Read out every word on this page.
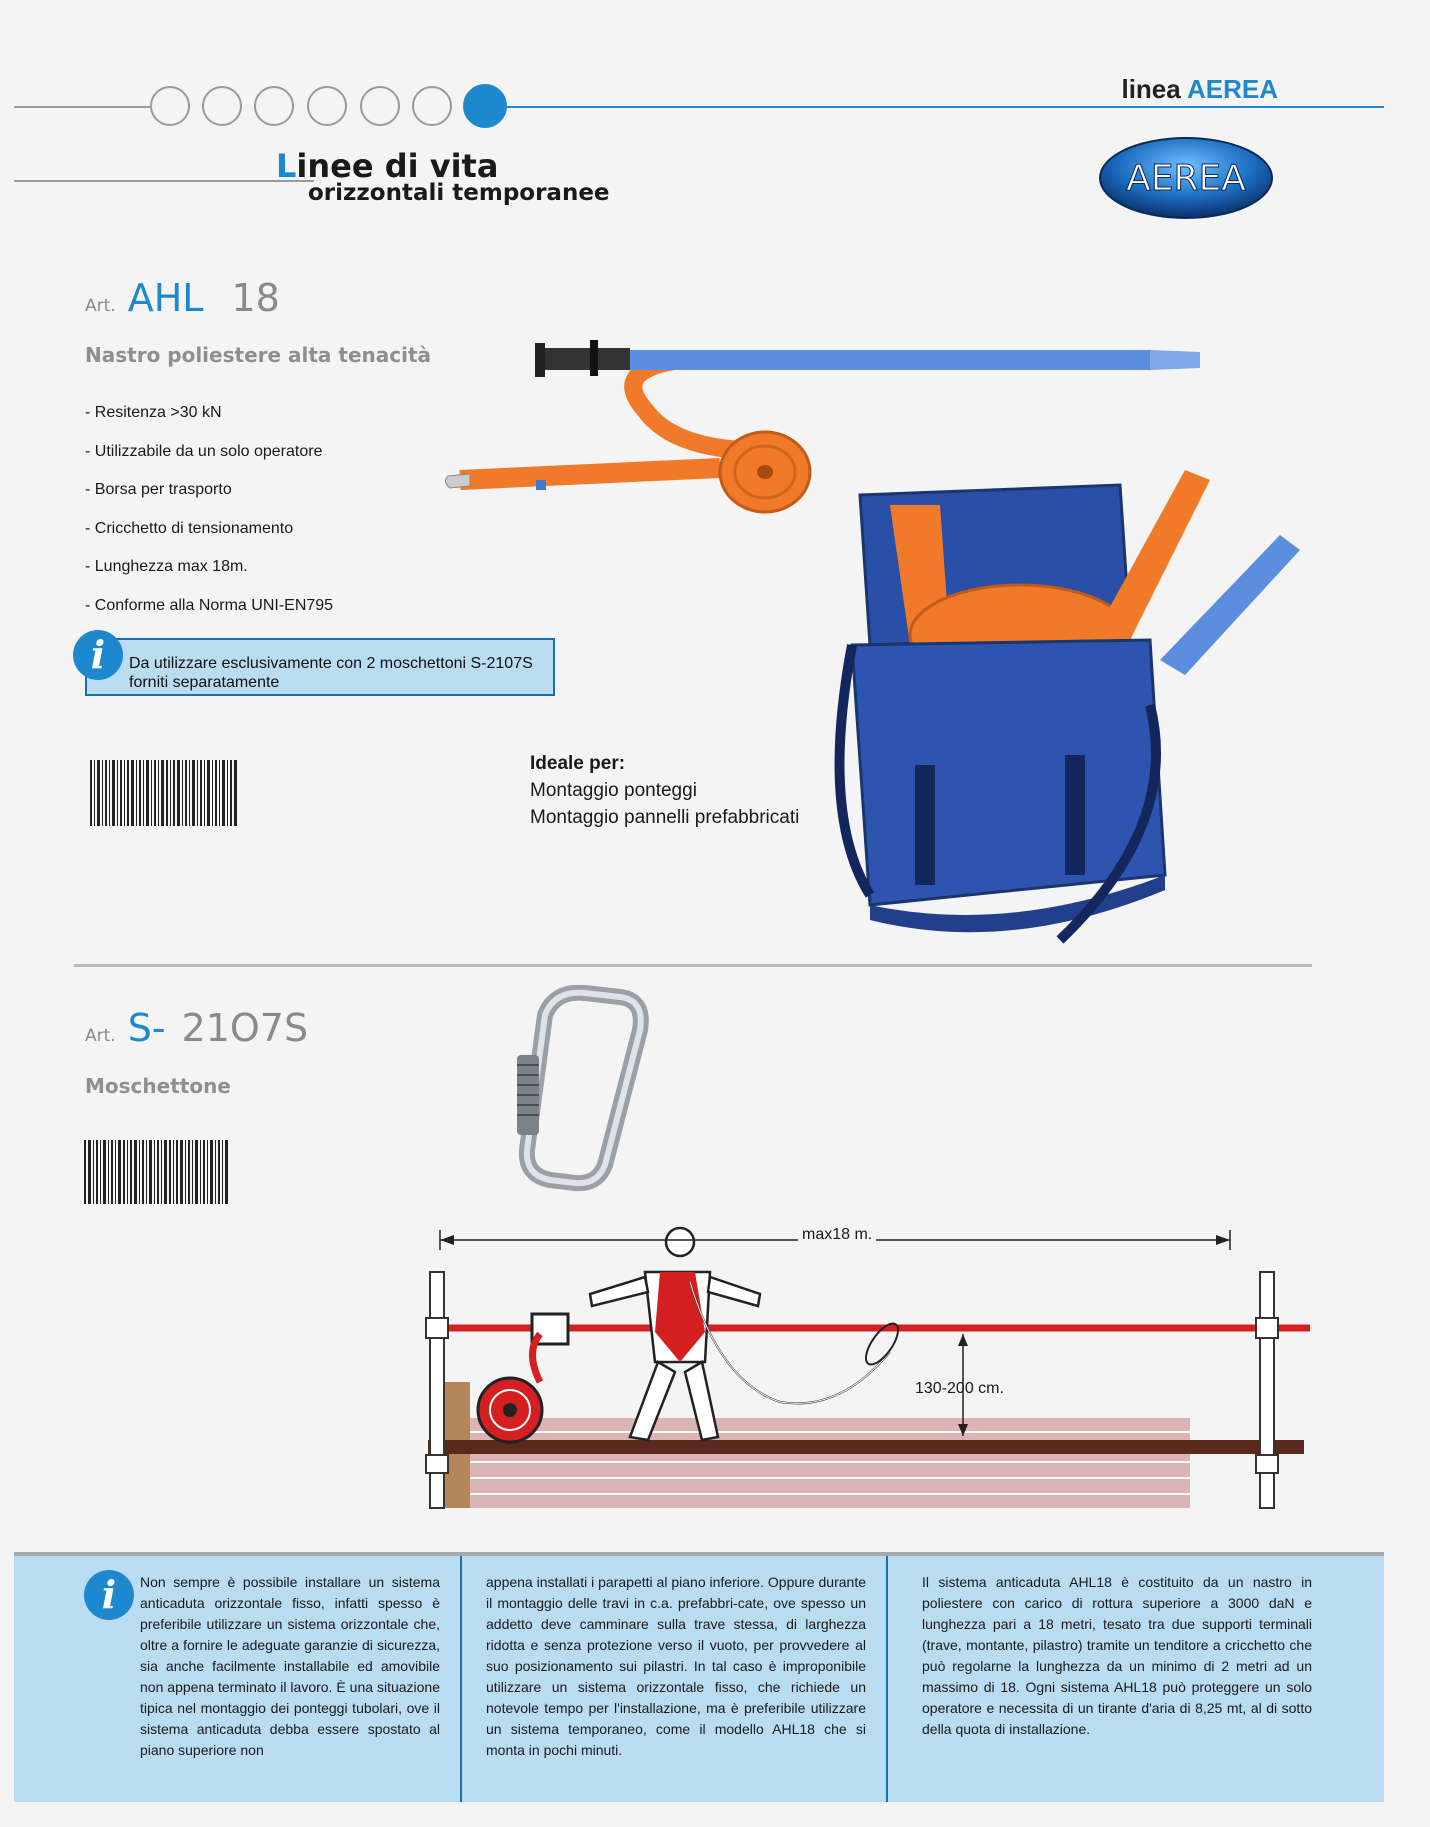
linea AEREA
Linee di vita
orizzontali temporanee	AEREA
Art. AHL 18
Nastro poliestere alta tenacità
- Resitenza >30 kN
- Utilizzabile da un solo operatore
- Borsa per trasporto
- Cricchetto di tensionamento
- Lunghezza max 18m.
- Conforme alla Norma UNI-EN795
Da utilizzare esclusivamente con 2 moschettoni S-2107S
forniti separatamente
i
Ideale per:
Montaggio ponteggi
Montaggio pannelli prefabbricati
Art. S- 21O7S
Moschettone
max18 m.
130-200 cm.
i	Non sempre è possibile installare un sistema anticaduta orizzontale fisso, infatti spesso è preferibile utilizzare un sistema orizzontale che, oltre a fornire le adeguate garanzie di sicurezza, sia anche facilmente installabile ed amovibile non appena terminato il lavoro. È una situazione tipica nel montaggio dei ponteggi tubolari, ove il sistema anticaduta debba essere spostato al piano superiore non
appena installati i parapetti al piano inferiore. Oppure durante il montaggio delle travi in c.a. prefabbri-cate, ove spesso un addetto deve camminare sulla trave stessa, di larghezza ridotta e senza protezione verso il vuoto, per provvedere al suo posizionamento sui pilastri. In tal caso è improponibile utilizzare un sistema orizzontale fisso, che richiede un notevole tempo per l'installazione, ma è preferibile utilizzare un sistema temporaneo, come il modello AHL18 che si monta in pochi minuti.
Il sistema anticaduta AHL18 è costituito da un nastro in poliestere con carico di rottura superiore a 3000 daN e lunghezza pari a 18 metri, tesato tra due supporti terminali (trave, montante, pilastro) tramite un tenditore a cricchetto che può regolarne la lunghezza da un minimo di 2 metri ad un massimo di 18. Ogni sistema AHL18 può proteggere un solo operatore e necessita di un tirante d'aria di 8,25 mt, al di sotto della quota di installazione.
